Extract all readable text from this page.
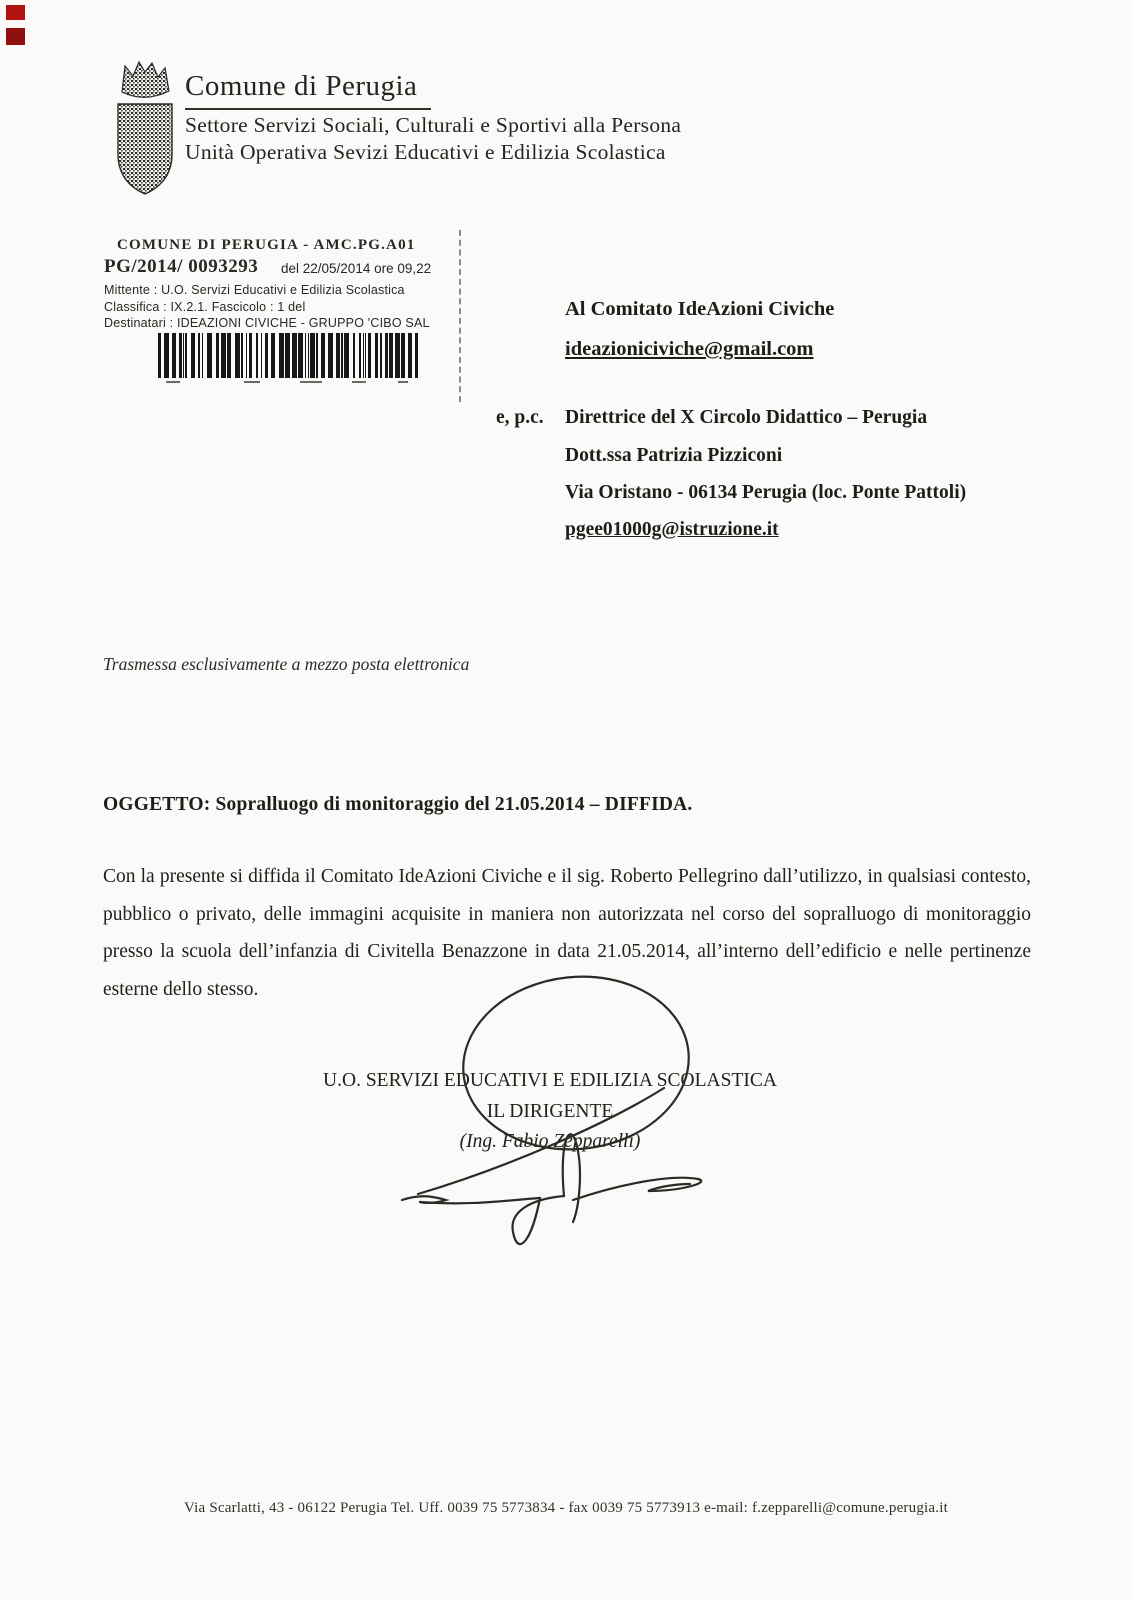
Comune di Perugia
Settore Servizi Sociali, Culturali e Sportivi alla Persona
Unità Operativa Sevizi Educativi e Edilizia Scolastica
COMUNE DI PERUGIA - AMC.PG.A01
PG/2014/ 0093293 del 22/05/2014 ore 09,22
Mittente : U.O. Servizi Educativi e Edilizia Scolastica
Classifica : IX.2.1. Fascicolo : 1 del
Destinatari : IDEAZIONI CIVICHE - GRUPPO 'CIBO SAL
Al Comitato IdeAzioni Civiche
ideazioniciviche@gmail.com
e, p.c. Direttrice del X Circolo Didattico – Perugia
Dott.ssa Patrizia Pizziconi
Via Oristano - 06134 Perugia (loc. Ponte Pattoli)
pgee01000g@istruzione.it
Trasmessa esclusivamente a mezzo posta elettronica
OGGETTO: Sopralluogo di monitoraggio del 21.05.2014 – DIFFIDA.
Con la presente si diffida il Comitato IdeAzioni Civiche e il sig. Roberto Pellegrino dall’utilizzo, in qualsiasi contesto, pubblico o privato, delle immagini acquisite in maniera non autorizzata nel corso del sopralluogo di monitoraggio presso la scuola dell’infanzia di Civitella Benazzone in data 21.05.2014, all’interno dell’edificio e nelle pertinenze esterne dello stesso.
U.O. SERVIZI EDUCATIVI E EDILIZIA SCOLASTICA
IL DIRIGENTE
(Ing. Fabio Zepparelli)
Via Scarlatti, 43 - 06122 Perugia Tel. Uff. 0039 75 5773834 - fax 0039 75 5773913 e-mail: f.zepparelli@comune.perugia.it
